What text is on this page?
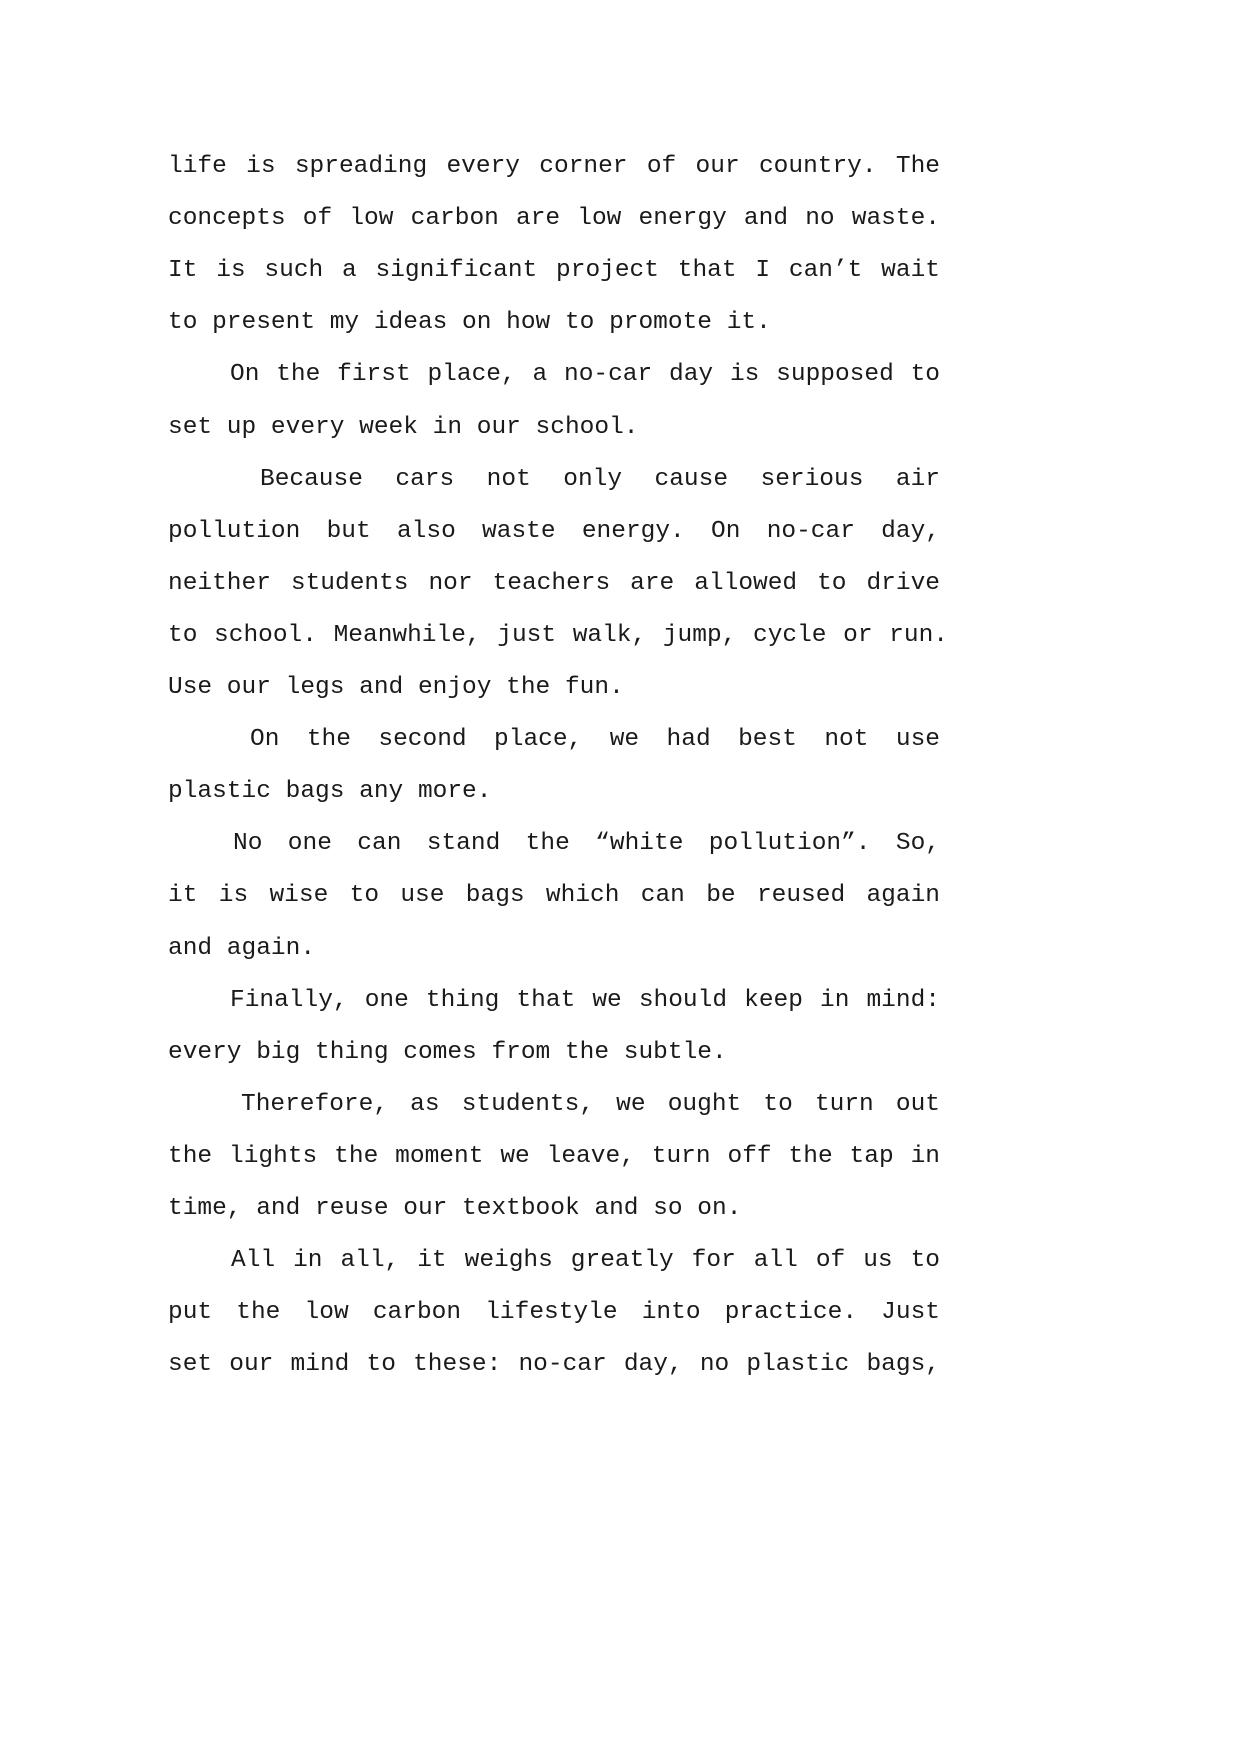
life is spreading every corner of our country. The
concepts of low carbon are low energy and no waste.
It is such a significant project that I can’t wait
to present my ideas on how to promote it.
On the first place, a no-car day is supposed to
set up every week in our school.
Because cars not only cause serious air
pollution but also waste energy. On no-car day,
neither students nor teachers are allowed to drive
to school. Meanwhile, just walk, jump, cycle or run.
Use our legs and enjoy the fun.
On the second place, we had best not use
plastic bags any more.
No one can stand the “white pollution”. So,
it is wise to use bags which can be reused again
and again.
Finally, one thing that we should keep in mind:
every big thing comes from the subtle.
Therefore, as students, we ought to turn out
the lights the moment we leave, turn off the tap in
time, and reuse our textbook and so on.
All in all, it weighs greatly for all of us to
put the low carbon lifestyle into practice. Just
set our mind to these: no-car day, no plastic bags,
